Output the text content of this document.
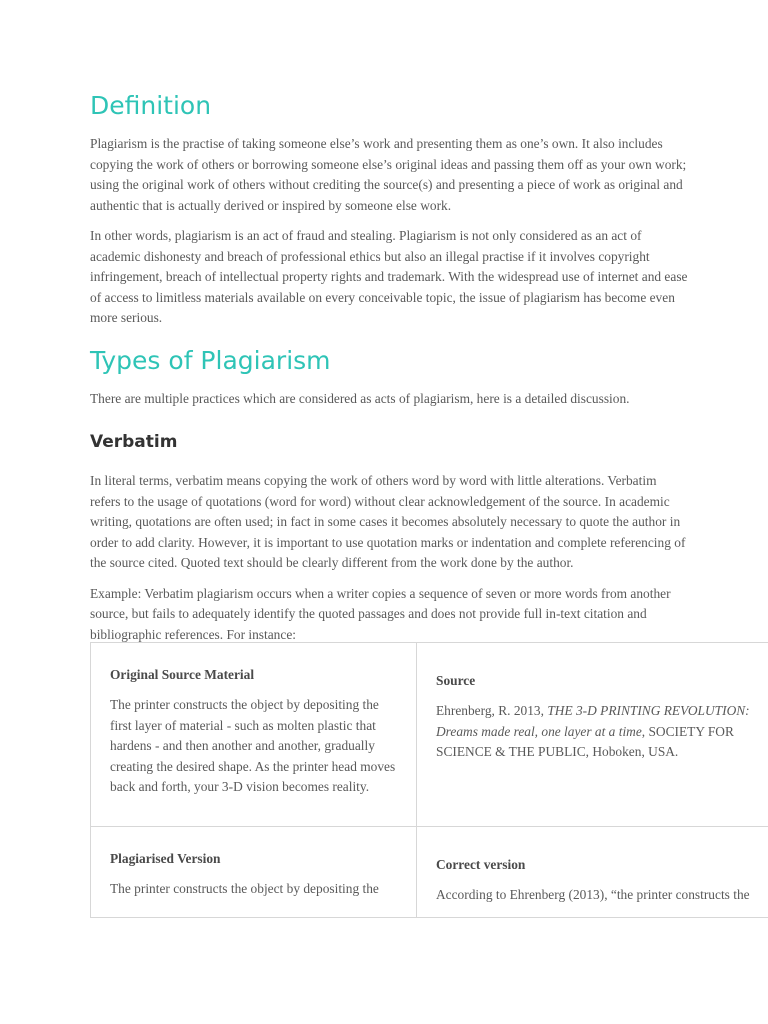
Definition

Plagiarism is the practise of taking someone else’s work and presenting them as one’s own. It also includes copying the work of others or borrowing someone else’s original ideas and passing them off as your own work; using the original work of others without crediting the source(s) and presenting a piece of work as original and authentic that is actually derived or inspired by someone else work.

In other words, plagiarism is an act of fraud and stealing. Plagiarism is not only considered as an act of academic dishonesty and breach of professional ethics but also an illegal practise if it involves copyright infringement, breach of intellectual property rights and trademark. With the widespread use of internet and ease of access to limitless materials available on every conceivable topic, the issue of plagiarism has become even more serious.

Types of Plagiarism

There are multiple practices which are considered as acts of plagiarism, here is a detailed discussion.

Verbatim

In literal terms, verbatim means copying the work of others word by word with little alterations. Verbatim refers to the usage of quotations (word for word) without clear acknowledgement of the source. In academic writing, quotations are often used; in fact in some cases it becomes absolutely necessary to quote the author in order to add clarity. However, it is important to use quotation marks or indentation and complete referencing of the source cited. Quoted text should be clearly different from the work done by the author.

Example: Verbatim plagiarism occurs when a writer copies a sequence of seven or more words from another source, but fails to adequately identify the quoted passages and does not provide full in-text citation and bibliographic references. For instance:

Original Source Material
The printer constructs the object by depositing the first layer of material - such as molten plastic that hardens - and then another and another, gradually creating the desired shape. As the printer head moves back and forth, your 3-D vision becomes reality.
Source
Ehrenberg, R. 2013, THE 3-D PRINTING REVOLUTION: Dreams made real, one layer at a time, SOCIETY FOR SCIENCE & THE PUBLIC, Hoboken, USA.
Plagiarised Version
The printer constructs the object by depositing the
Correct version
According to Ehrenberg (2013), “the printer constructs the
